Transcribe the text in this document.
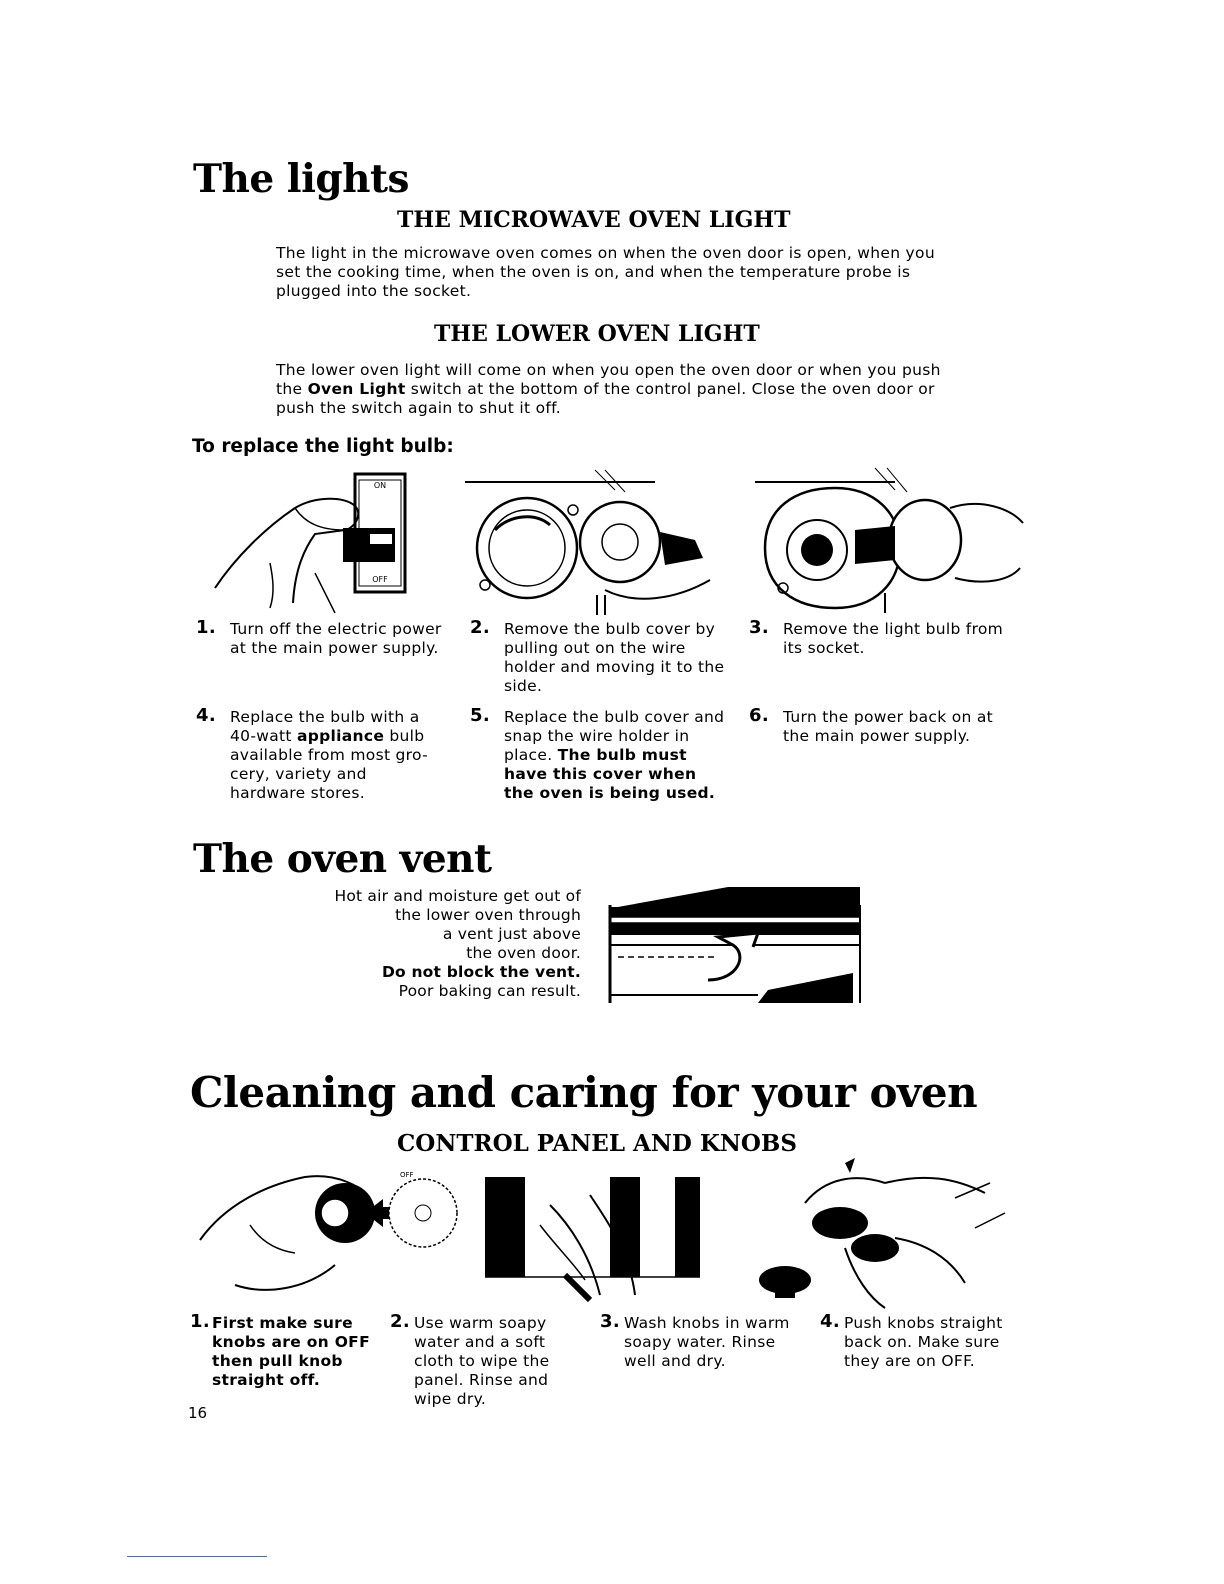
The lights
THE MICROWAVE OVEN LIGHT
The light in the microwave oven comes on when the oven door is open, when you set the cooking time, when the oven is on, and when the temperature probe is plugged into the socket.
THE LOWER OVEN LIGHT
The lower oven light will come on when you open the oven door or when you push the Oven Light switch at the bottom of the control panel. Close the oven door or push the switch again to shut it off.
To replace the light bulb:
ON
OFF
1. Turn off the electric power at the main power supply.
2. Remove the bulb cover by pulling out on the wire holder and moving it to the side.
3. Remove the light bulb from its socket.
4. Replace the bulb with a 40-watt appliance bulb available from most gro-cery, variety and hardware stores.
5. Replace the bulb cover and snap the wire holder in place. The bulb must have this cover when the oven is being used.
6. Turn the power back on at the main power supply.
The oven vent
Hot air and moisture get out of
the lower oven through
a vent just above
the oven door.
Do not block the vent.
Poor baking can result.
Cleaning and caring for your oven
CONTROL PANEL AND KNOBS
OFF
1. First make sure knobs are on OFF then pull knob straight off.
2. Use warm soapy water and a soft cloth to wipe the panel. Rinse and wipe dry.
3. Wash knobs in warm soapy water. Rinse well and dry.
4. Push knobs straight back on. Make sure they are on OFF.
16
